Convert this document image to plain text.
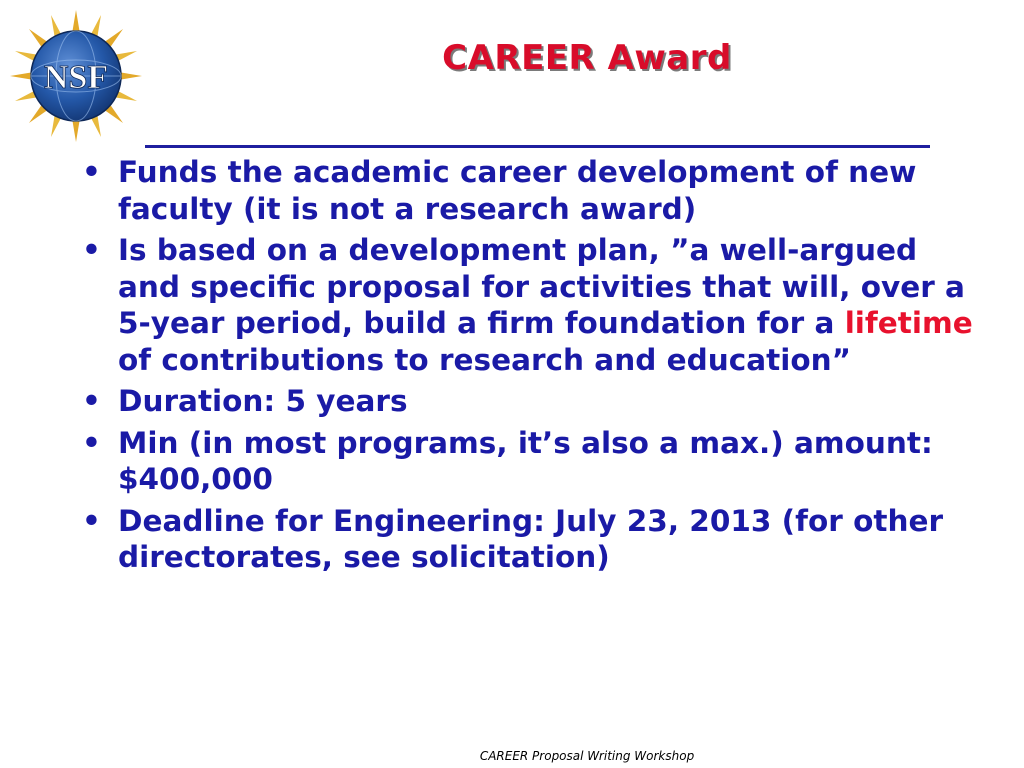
NSF	CAREER Award
• Funds the academic career development of new faculty (it is not a research award)
• Is based on a development plan, ”a well-argued and specific proposal for activities that will, over a 5-year period, build a firm foundation for a lifetime of contributions to research and education”
• Duration: 5 years
• Min (in most programs, it’s also a max.) amount: $400,000
• Deadline for Engineering: July 23, 2013 (for other directorates, see solicitation)

CAREER Proposal Writing Workshop
